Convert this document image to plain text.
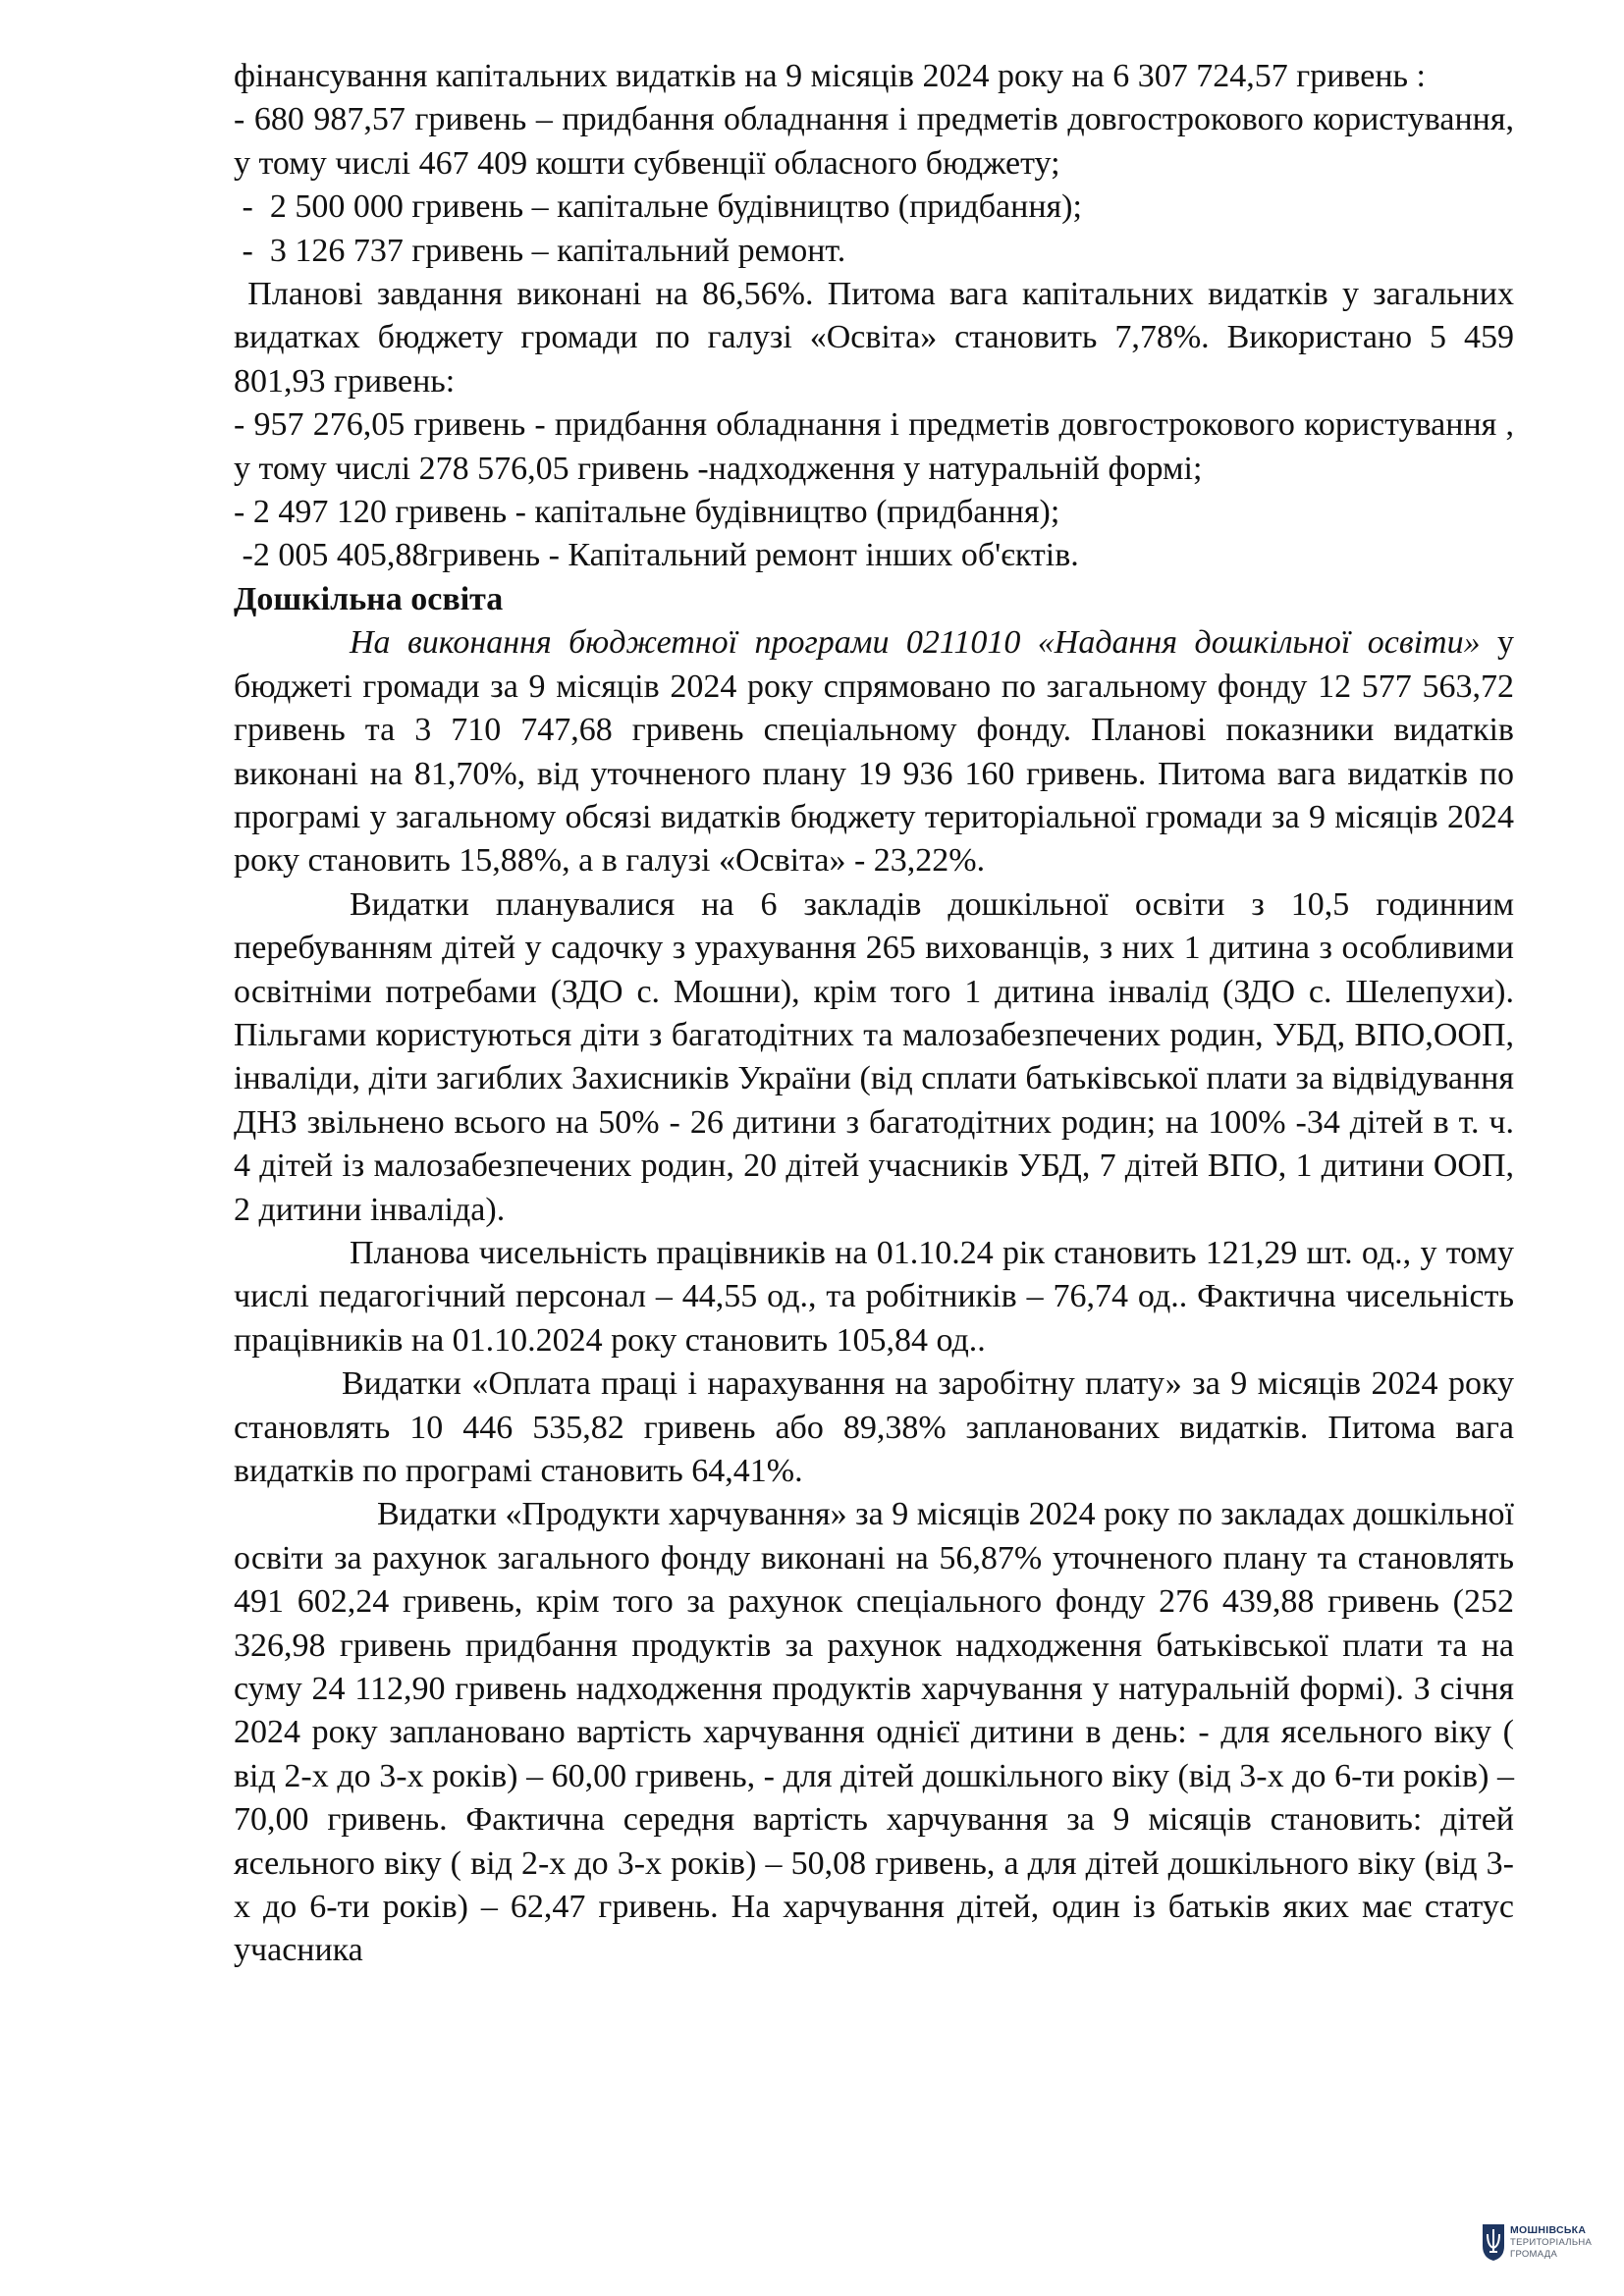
фінансування капітальних видатків на 9 місяців 2024 року на 6 307 724,57 гривень :

- 680 987,57 гривень – придбання обладнання і предметів довгострокового користування, у тому числі 467 409 кошти субвенції обласного бюджету;

-  2 500 000 гривень – капітальне будівництво (придбання);

-  3 126 737 гривень – капітальний ремонт.

Планові завдання виконані на 86,56%. Питома вага капітальних видатків у загальних видатках бюджету громади по галузі «Освіта» становить 7,78%. Використано 5 459 801,93 гривень:

- 957 276,05 гривень - придбання обладнання і предметів довгострокового користування , у тому числі 278 576,05 гривень -надходження у натуральній формі;

- 2 497 120 гривень - капітальне будівництво (придбання);

-2 005 405,88гривень - Капітальний ремонт інших об'єктів.

Дошкільна освіта

На виконання бюджетної програми 0211010 «Надання дошкільної освіти» у бюджеті громади за 9 місяців 2024 року спрямовано по загальному фонду 12 577 563,72 гривень та 3 710 747,68 гривень спеціальному фонду. Планові показники видатків виконані на 81,70%, від уточненого плану 19 936 160 гривень. Питома вага видатків по програмі у загальному обсязі видатків бюджету територіальної громади за 9 місяців 2024 року становить 15,88%, а в галузі «Освіта» - 23,22%.

Видатки планувалися на 6 закладів дошкільної освіти з 10,5 годинним перебуванням дітей у садочку з урахування 265 вихованців, з них 1 дитина з особливими освітніми потребами (ЗДО с. Мошни), крім того 1 дитина інвалід (ЗДО с. Шелепухи). Пільгами користуються діти з багатодітних та малозабезпечених родин, УБД, ВПО,ООП, інваліди, діти загиблих Захисників України (від сплати батьківської плати за відвідування ДНЗ звільнено всього на 50% - 26 дитини з багатодітних родин; на 100% -34 дітей в т. ч. 4 дітей із малозабезпечених родин, 20 дітей учасників УБД, 7 дітей ВПО, 1 дитини ООП, 2 дитини інваліда).

Планова чисельність працівників на 01.10.24 рік становить 121,29 шт. од., у тому числі педагогічний персонал – 44,55 од., та робітників – 76,74 од.. Фактична чисельність працівників на 01.10.2024 року становить 105,84 од..

Видатки «Оплата праці і нарахування на заробітну плату» за 9 місяців 2024 року становлять 10 446 535,82 гривень або 89,38% запланованих видатків. Питома вага видатків по програмі становить 64,41%.

Видатки «Продукти харчування» за 9 місяців 2024 року по закладах дошкільної освіти за рахунок загального фонду виконані на 56,87% уточненого плану та становлять 491 602,24 гривень, крім того за рахунок спеціального фонду 276 439,88 гривень (252 326,98 гривень придбання продуктів за рахунок надходження батьківської плати та на суму 24 112,90 гривень надходження продуктів харчування у натуральній формі). З січня 2024 року заплановано вартість харчування однієї дитини в день: - для ясельного віку ( від 2-х до 3-х років) – 60,00 гривень, - для дітей дошкільного віку (від 3-х до 6-ти років) – 70,00 гривень. Фактична середня вартість харчування за 9 місяців становить: дітей ясельного віку ( від 2-х до 3-х років) – 50,08 гривень, а для дітей дошкільного віку (від 3-х до 6-ти років) – 62,47 гривень. На харчування дітей, один із батьків яких має статус учасника

МОШНІВСЬКА
ТЕРИТОРІАЛЬНА
ГРОМАДА
